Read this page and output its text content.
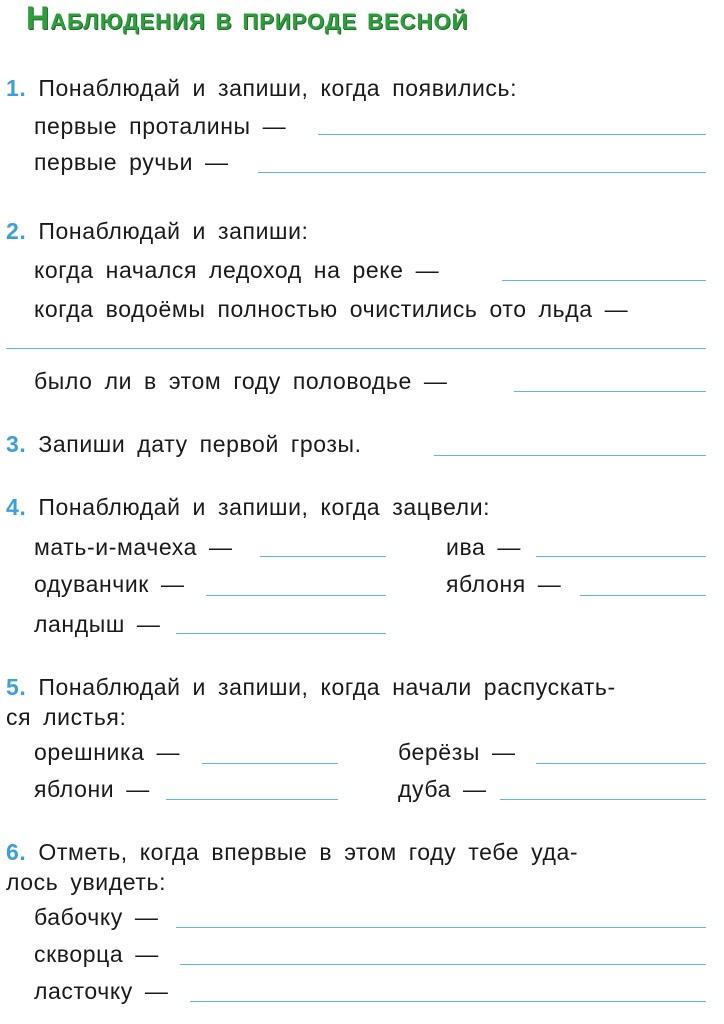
Наблюдения в природе весной
1. Понаблюдай и запиши, когда появились:
первые проталины —
первые ручьи —
2. Понаблюдай и запиши:
когда начался ледоход на реке —
когда водоёмы полностью очистились ото льда —
было ли в этом году половодье —
3. Запиши дату первой грозы.
4. Понаблюдай и запиши, когда зацвели:
мать-и-мачеха —	ива —
одуванчик —	яблоня —
ландыш —
5. Понаблюдай и запиши, когда начали распускать-
ся листья:
орешника —	берёзы —
яблони —	дуба —
6. Отметь, когда впервые в этом году тебе уда-
лось увидеть:
бабочку —
скворца —
ласточку —
